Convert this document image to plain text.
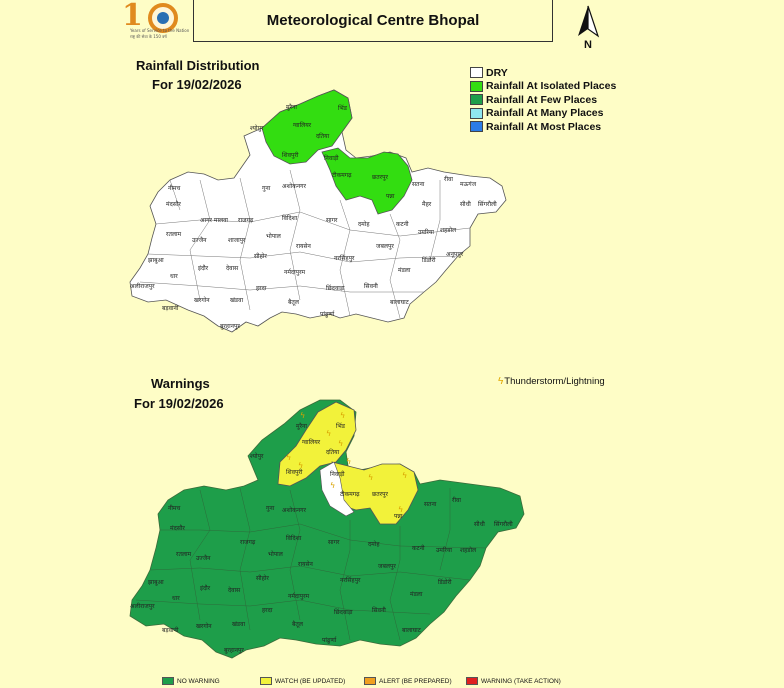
1
Years of Service to the Nation
राष्ट्र की सेवा के 150 वर्ष
Meteorological Centre Bhopal
N
Rainfall Distribution
For 19/02/2026
DRY
Rainfall At Isolated Places
Rainfall At Few Places
Rainfall At Many Places
Rainfall At Most Places
मुरैना	भिंड
श्योपुर	ग्वालियर
दतिया
शिवपुरी	निवाड़ी
टीकमगढ़	छतरपुर
पन्ना
गुना अशोकनगर	सतना
रीवा
मऊगंज
सीधी सिंगरौली
मैहर
नीमच
मंदसौर
रतलाम
आगर मालवा राजगढ़	विदिशा	सागर
दमोह	कटनी
उमरिया शहडोल
अनूपपुर
झाबुआ
उज्जैन	शाजापुर
भोपाल
रायसेन	जबलपुर
डिंडोरी
अलीराजपुर
धार
इंदौर	देवास
सीहोर
नर्मदापुरम
नरसिंहपुर
मंडला
बड़वानी
खरगोन	खंडवा
हरदा
बैतूल
छिंदवाड़ा	सिवनी
बालाघाट
बुरहानपुर
पांढुर्णा
Warnings
For 19/02/2026
ϟThunderstorm/Lightning
ϟ	ϟ
ϟ
ϟ
ϟ
ϟ	ϟ
ϟ
ϟ	ϟ
ϟ
मुरैना	भिंड
श्योपुर
ग्वालियर
दतिया
शिवपुरी	निवाड़ी
टीकमगढ़ छतरपुर
पन्ना
गुना अशोकनगर
सतना
रीवा
सीधी सिंगरौली
नीमच
मंदसौर
रतलाम
राजगढ़
विदिशा
सागर	दमोह
कटनी उमरिया शहडोल
झाबुआ
उज्जैन
भोपाल
रायसेन	जबलपुर
डिंडोरी
अलीराजपुर
धार
इंदौर	देवास
सीहोर
नर्मदापुरम
नरसिंहपुर
मंडला
बड़वानी
खरगोन	खंडवा
हरदा
बैतूल
छिंदवाड़ा	सिवनी
बालाघाट
बुरहानपुर
पांढुर्णा
NO WARNING	WATCH (BE UPDATED)	ALERT (BE PREPARED)	WARNING (TAKE ACTION)
